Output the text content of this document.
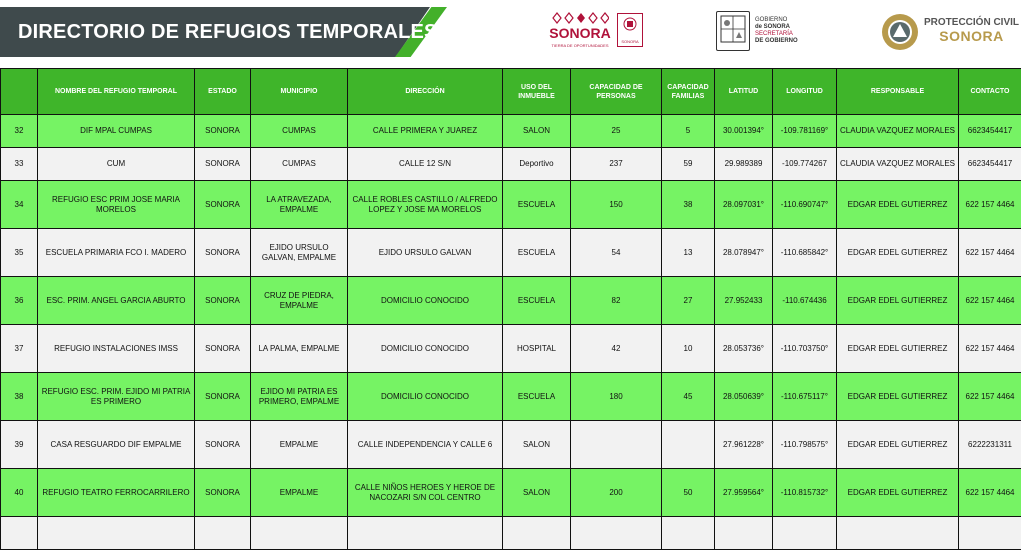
DIRECTORIO DE REFUGIOS TEMPORALES	SONORA
TIERRA DE OPORTUNIDADES
SONORA
GOBIERNO
de SONORA
SECRETARÍA
DE GOBIERNO
PROTECCIÓN CIVIL
SONORA
	NOMBRE DEL REFUGIO TEMPORAL	ESTADO	MUNICIPIO	DIRECCIÓN	USO DEL INMUEBLE	CAPACIDAD DE PERSONAS	CAPACIDAD FAMILIAS	LATITUD	LONGITUD	RESPONSABLE	CONTACTO
32	DIF MPAL CUMPAS	SONORA	CUMPAS	CALLE PRIMERA Y JUAREZ	SALON	25	5	30.001394°	-109.781169°	CLAUDIA VAZQUEZ MORALES	6623454417
33	CUM	SONORA	CUMPAS	CALLE 12 S/N	Deportivo	237	59	29.989389	-109.774267	CLAUDIA VAZQUEZ MORALES	6623454417
34	REFUGIO ESC PRIM JOSE MARIA MORELOS	SONORA	LA ATRAVEZADA, EMPALME	CALLE ROBLES CASTILLO / ALFREDO LOPEZ Y JOSE MA MORELOS	ESCUELA	150	38	28.097031°	-110.690747°	EDGAR EDEL GUTIERREZ	622 157 4464
35	ESCUELA PRIMARIA FCO I. MADERO	SONORA	EJIDO URSULO GALVAN, EMPALME	EJIDO URSULO GALVAN	ESCUELA	54	13	28.078947°	-110.685842°	EDGAR EDEL GUTIERREZ	622 157 4464
36	ESC. PRIM. ANGEL GARCIA ABURTO	SONORA	CRUZ DE PIEDRA, EMPALME	DOMICILIO CONOCIDO	ESCUELA	82	27	27.952433	-110.674436	EDGAR EDEL GUTIERREZ	622 157 4464
37	REFUGIO INSTALACIONES IMSS	SONORA	LA PALMA, EMPALME	DOMICILIO CONOCIDO	HOSPITAL	42	10	28.053736°	-110.703750°	EDGAR EDEL GUTIERREZ	622 157 4464
38	REFUGIO ESC. PRIM. EJIDO MI PATRIA ES PRIMERO	SONORA	EJIDO MI PATRIA ES PRIMERO, EMPALME	DOMICILIO CONOCIDO	ESCUELA	180	45	28.050639°	-110.675117°	EDGAR EDEL GUTIERREZ	622 157 4464
39	CASA RESGUARDO DIF EMPALME	SONORA	EMPALME	CALLE INDEPENDENCIA Y CALLE 6	SALON			27.961228°	-110.798575°	EDGAR EDEL GUTIERREZ	6222231311
40	REFUGIO TEATRO FERROCARRILERO	SONORA	EMPALME	CALLE NIÑOS HEROES Y HEROE DE NACOZARI S/N COL CENTRO	SALON	200	50	27.959564°	-110.815732°	EDGAR EDEL GUTIERREZ	622 157 4464
